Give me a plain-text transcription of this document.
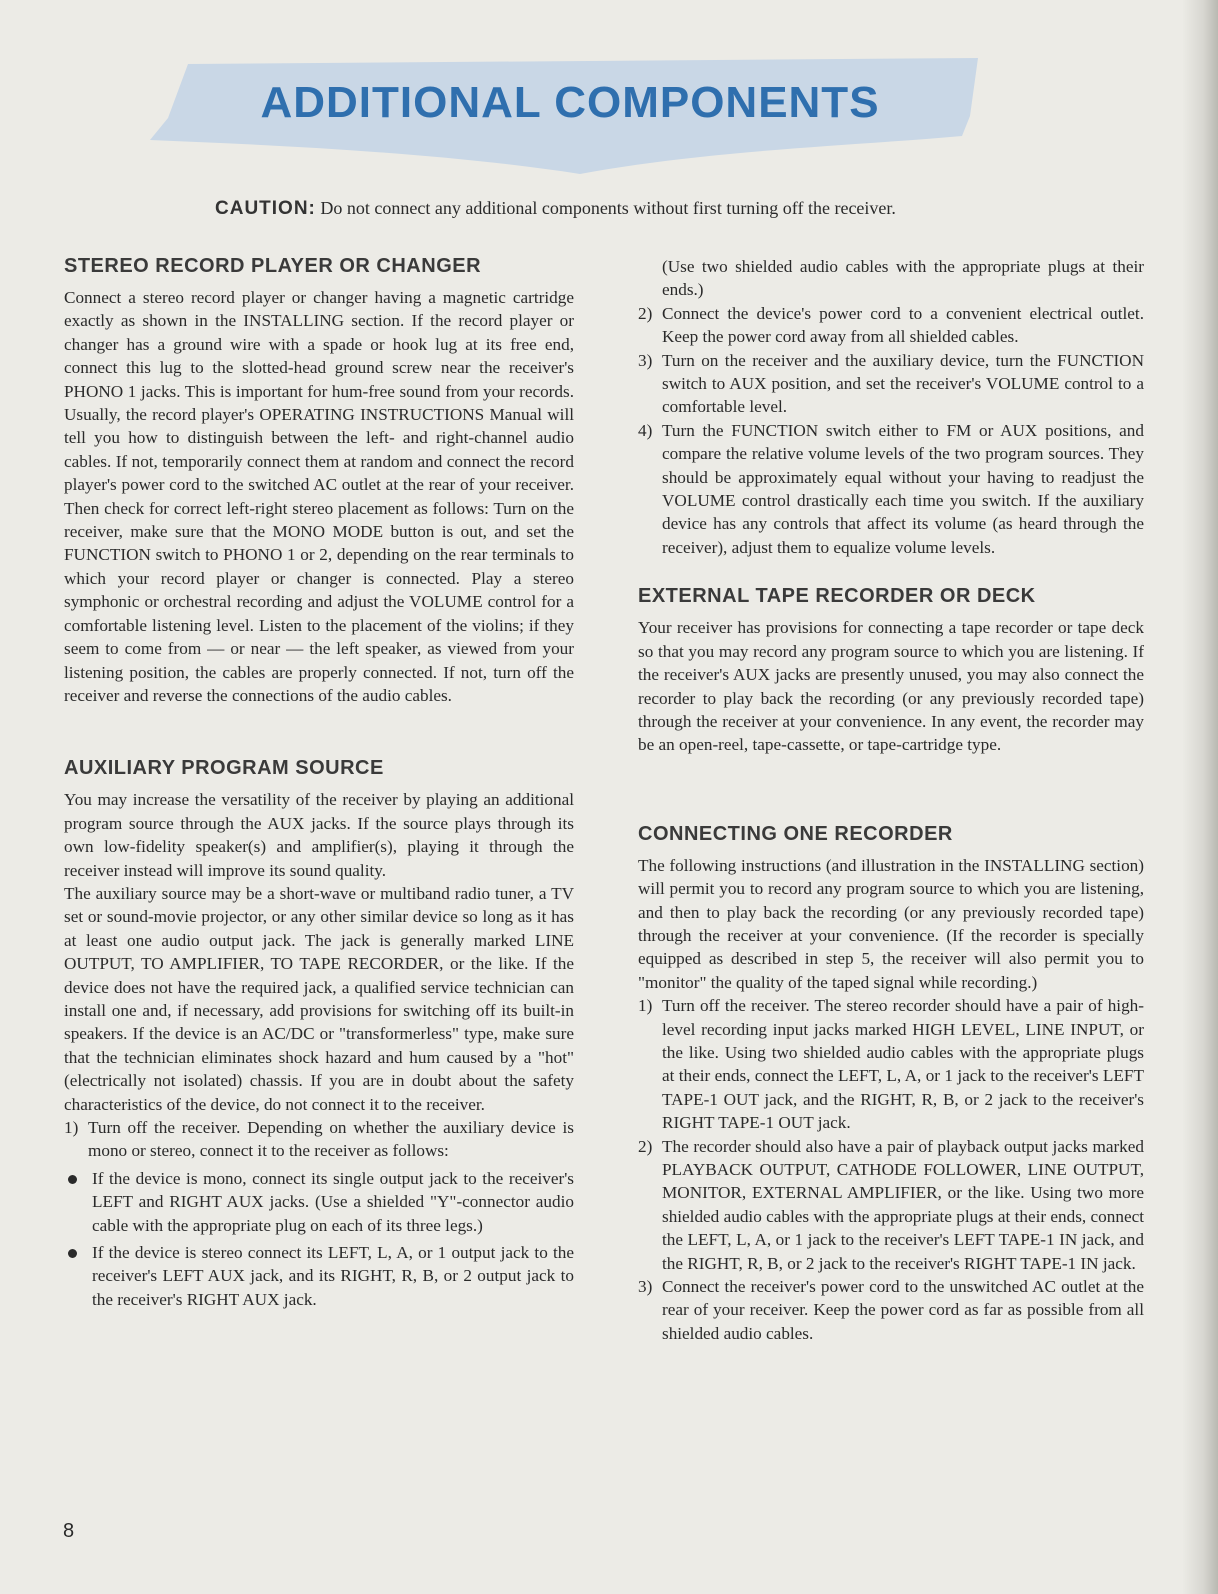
ADDITIONAL COMPONENTS
CAUTION: Do not connect any additional components without first turning off the receiver.
STEREO RECORD PLAYER OR CHANGER

Connect a stereo record player or changer having a magnetic cartridge exactly as shown in the INSTALLING section. If the record player or changer has a ground wire with a spade or hook lug at its free end, connect this lug to the slotted-head ground screw near the receiver's PHONO 1 jacks. This is important for hum-free sound from your records. Usually, the record player's OPERATING INSTRUCTIONS Manual will tell you how to distinguish between the left- and right-channel audio cables. If not, temporarily connect them at random and connect the record player's power cord to the switched AC outlet at the rear of your receiver. Then check for correct left-right stereo placement as follows: Turn on the receiver, make sure that the MONO MODE button is out, and set the FUNCTION switch to PHONO 1 or 2, depending on the rear terminals to which your record player or changer is connected. Play a stereo symphonic or orchestral recording and adjust the VOLUME control for a comfortable listening level. Listen to the placement of the violins; if they seem to come from — or near — the left speaker, as viewed from your listening position, the cables are properly connected. If not, turn off the receiver and reverse the connections of the audio cables.

AUXILIARY PROGRAM SOURCE

You may increase the versatility of the receiver by playing an additional program source through the AUX jacks. If the source plays through its own low-fidelity speaker(s) and amplifier(s), playing it through the receiver instead will improve its sound quality.

The auxiliary source may be a short-wave or multiband radio tuner, a TV set or sound-movie projector, or any other similar device so long as it has at least one audio output jack. The jack is generally marked LINE OUTPUT, TO AMPLIFIER, TO TAPE RECORDER, or the like. If the device does not have the required jack, a qualified service technician can install one and, if necessary, add provisions for switching off its built-in speakers. If the device is an AC/DC or "transformerless" type, make sure that the technician eliminates shock hazard and hum caused by a "hot" (electrically not isolated) chassis. If you are in doubt about the safety characteristics of the device, do not connect it to the receiver.

1) Turn off the receiver. Depending on whether the auxiliary device is mono or stereo, connect it to the receiver as follows:
If the device is mono, connect its single output jack to the receiver's LEFT and RIGHT AUX jacks. (Use a shielded "Y"-connector audio cable with the appropriate plug on each of its three legs.)
If the device is stereo connect its LEFT, L, A, or 1 output jack to the receiver's LEFT AUX jack, and its RIGHT, R, B, or 2 output jack to the receiver's RIGHT AUX jack.

(Use two shielded audio cables with the appropriate plugs at their ends.)

2) Connect the device's power cord to a convenient electrical outlet. Keep the power cord away from all shielded cables.
3) Turn on the receiver and the auxiliary device, turn the FUNCTION switch to AUX position, and set the receiver's VOLUME control to a comfortable level.
4) Turn the FUNCTION switch either to FM or AUX positions, and compare the relative volume levels of the two program sources. They should be approximately equal without your having to readjust the VOLUME control drastically each time you switch. If the auxiliary device has any controls that affect its volume (as heard through the receiver), adjust them to equalize volume levels.
EXTERNAL TAPE RECORDER OR DECK

Your receiver has provisions for connecting a tape recorder or tape deck so that you may record any program source to which you are listening. If the receiver's AUX jacks are presently unused, you may also connect the recorder to play back the recording (or any previously recorded tape) through the receiver at your convenience. In any event, the recorder may be an open-reel, tape-cassette, or tape-cartridge type.

CONNECTING ONE RECORDER

The following instructions (and illustration in the INSTALLING section) will permit you to record any program source to which you are listening, and then to play back the recording (or any previously recorded tape) through the receiver at your convenience. (If the recorder is specially equipped as described in step 5, the receiver will also permit you to "monitor" the quality of the taped signal while recording.)

1) Turn off the receiver. The stereo recorder should have a pair of high-level recording input jacks marked HIGH LEVEL, LINE INPUT, or the like. Using two shielded audio cables with the appropriate plugs at their ends, connect the LEFT, L, A, or 1 jack to the receiver's LEFT TAPE-1 OUT jack, and the RIGHT, R, B, or 2 jack to the receiver's RIGHT TAPE-1 OUT jack.
2) The recorder should also have a pair of playback output jacks marked PLAYBACK OUTPUT, CATHODE FOLLOWER, LINE OUTPUT, MONITOR, EXTERNAL AMPLIFIER, or the like. Using two more shielded audio cables with the appropriate plugs at their ends, connect the LEFT, L, A, or 1 jack to the receiver's LEFT TAPE-1 IN jack, and the RIGHT, R, B, or 2 jack to the receiver's RIGHT TAPE-1 IN jack.
3) Connect the receiver's power cord to the unswitched AC outlet at the rear of your receiver. Keep the power cord as far as possible from all shielded audio cables.
8
